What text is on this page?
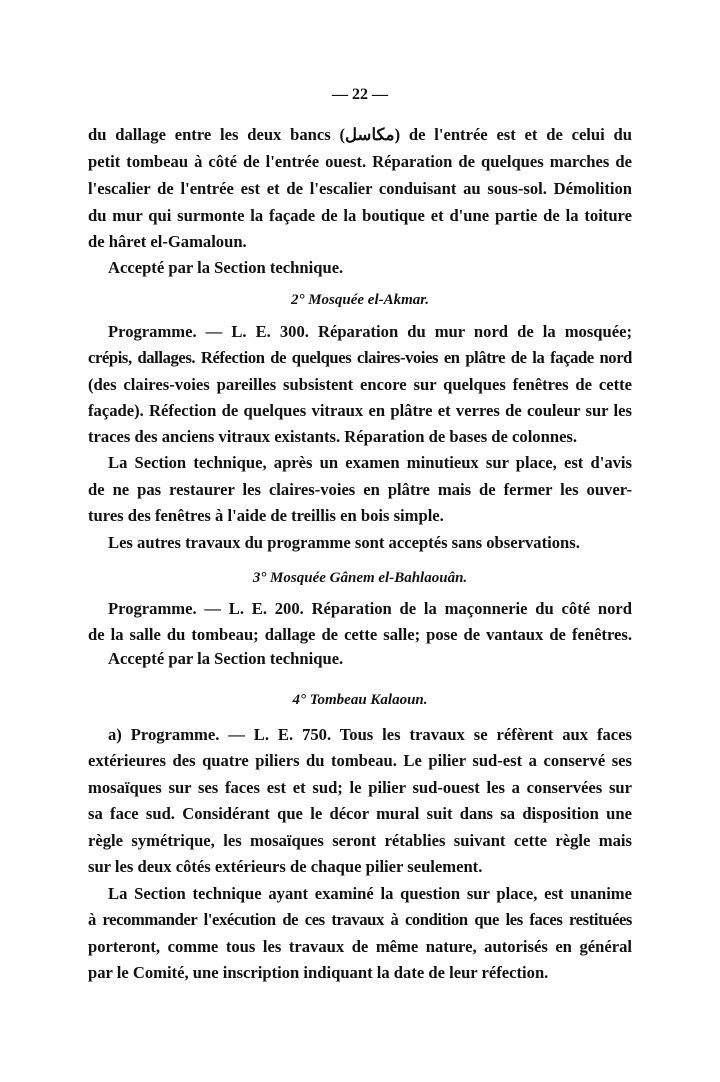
— 22 —
du dallage entre les deux bancs (مكاسل) de l'entrée est et de celui du
petit tombeau à côté de l'entrée ouest. Réparation de quelques marches de
l'escalier de l'entrée est et de l'escalier conduisant au sous-sol. Démolition
du mur qui surmonte la façade de la boutique et d'une partie de la toiture
de hâret el-Gamaloun.
Accepté par la Section technique.
2° Mosquée el-Akmar.
Programme. — L. E. 300. Réparation du mur nord de la mosquée;
crépis, dallages. Réfection de quelques claires-voies en plâtre de la façade nord
(des claires-voies pareilles subsistent encore sur quelques fenêtres de cette
façade). Réfection de quelques vitraux en plâtre et verres de couleur sur les
traces des anciens vitraux existants. Réparation de bases de colonnes.
La Section technique, après un examen minutieux sur place, est d'avis
de ne pas restaurer les claires-voies en plâtre mais de fermer les ouver-
tures des fenêtres à l'aide de treillis en bois simple.
Les autres travaux du programme sont acceptés sans observations.
3° Mosquée Gânem el-Bahlaouân.
Programme. — L. E. 200. Réparation de la maçonnerie du côté nord
de la salle du tombeau; dallage de cette salle; pose de vantaux de fenêtres.
Accepté par la Section technique.
4° Tombeau Kalaoun.
a) Programme. — L. E. 750. Tous les travaux se réfèrent aux faces
extérieures des quatre piliers du tombeau. Le pilier sud-est a conservé ses
mosaïques sur ses faces est et sud; le pilier sud-ouest les a conservées sur
sa face sud. Considérant que le décor mural suit dans sa disposition une
règle symétrique, les mosaïques seront rétablies suivant cette règle mais
sur les deux côtés extérieurs de chaque pilier seulement.
La Section technique ayant examiné la question sur place, est unanime
à recommander l'exécution de ces travaux à condition que les faces restituées
porteront, comme tous les travaux de même nature, autorisés en général
par le Comité, une inscription indiquant la date de leur réfection.
